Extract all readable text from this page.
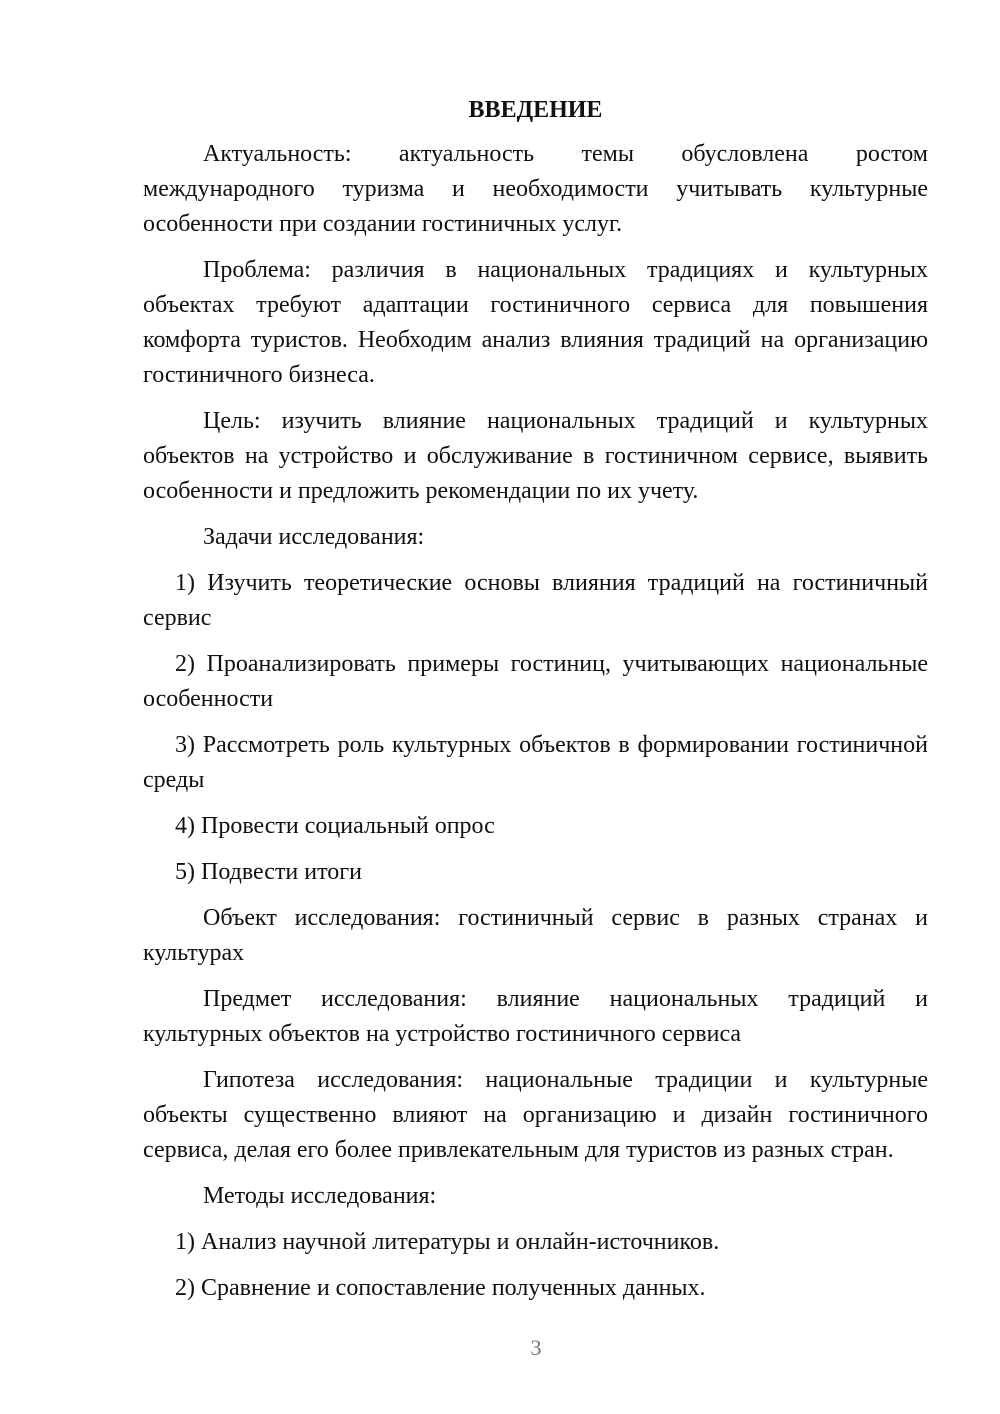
ВВЕДЕНИЕ

Актуальность: актуальность темы обусловлена ростом международного туризма и необходимости учитывать культурные особенности при создании гостиничных услуг.

Проблема: различия в национальных традициях и культурных объектах требуют адаптации гостиничного сервиса для повышения комфорта туристов. Необходим анализ влияния традиций на организацию гостиничного бизнеса.

Цель: изучить влияние национальных традиций и культурных объектов на устройство и обслуживание в гостиничном сервисе, выявить особенности и предложить рекомендации по их учету.

Задачи исследования:

1) Изучить теоретические основы влияния традиций на гостиничный сервис

2) Проанализировать примеры гостиниц, учитывающих национальные особенности

3) Рассмотреть роль культурных объектов в формировании гостиничной среды

4) Провести социальный опрос

5) Подвести итоги

Объект исследования: гостиничный сервис в разных странах и культурах

Предмет исследования: влияние национальных традиций и культурных объектов на устройство гостиничного сервиса

Гипотеза исследования: национальные традиции и культурные объекты существенно влияют на организацию и дизайн гостиничного сервиса, делая его более привлекательным для туристов из разных стран.

Методы исследования:

1) Анализ научной литературы и онлайн-источников.

2) Сравнение и сопоставление полученных данных.

3
